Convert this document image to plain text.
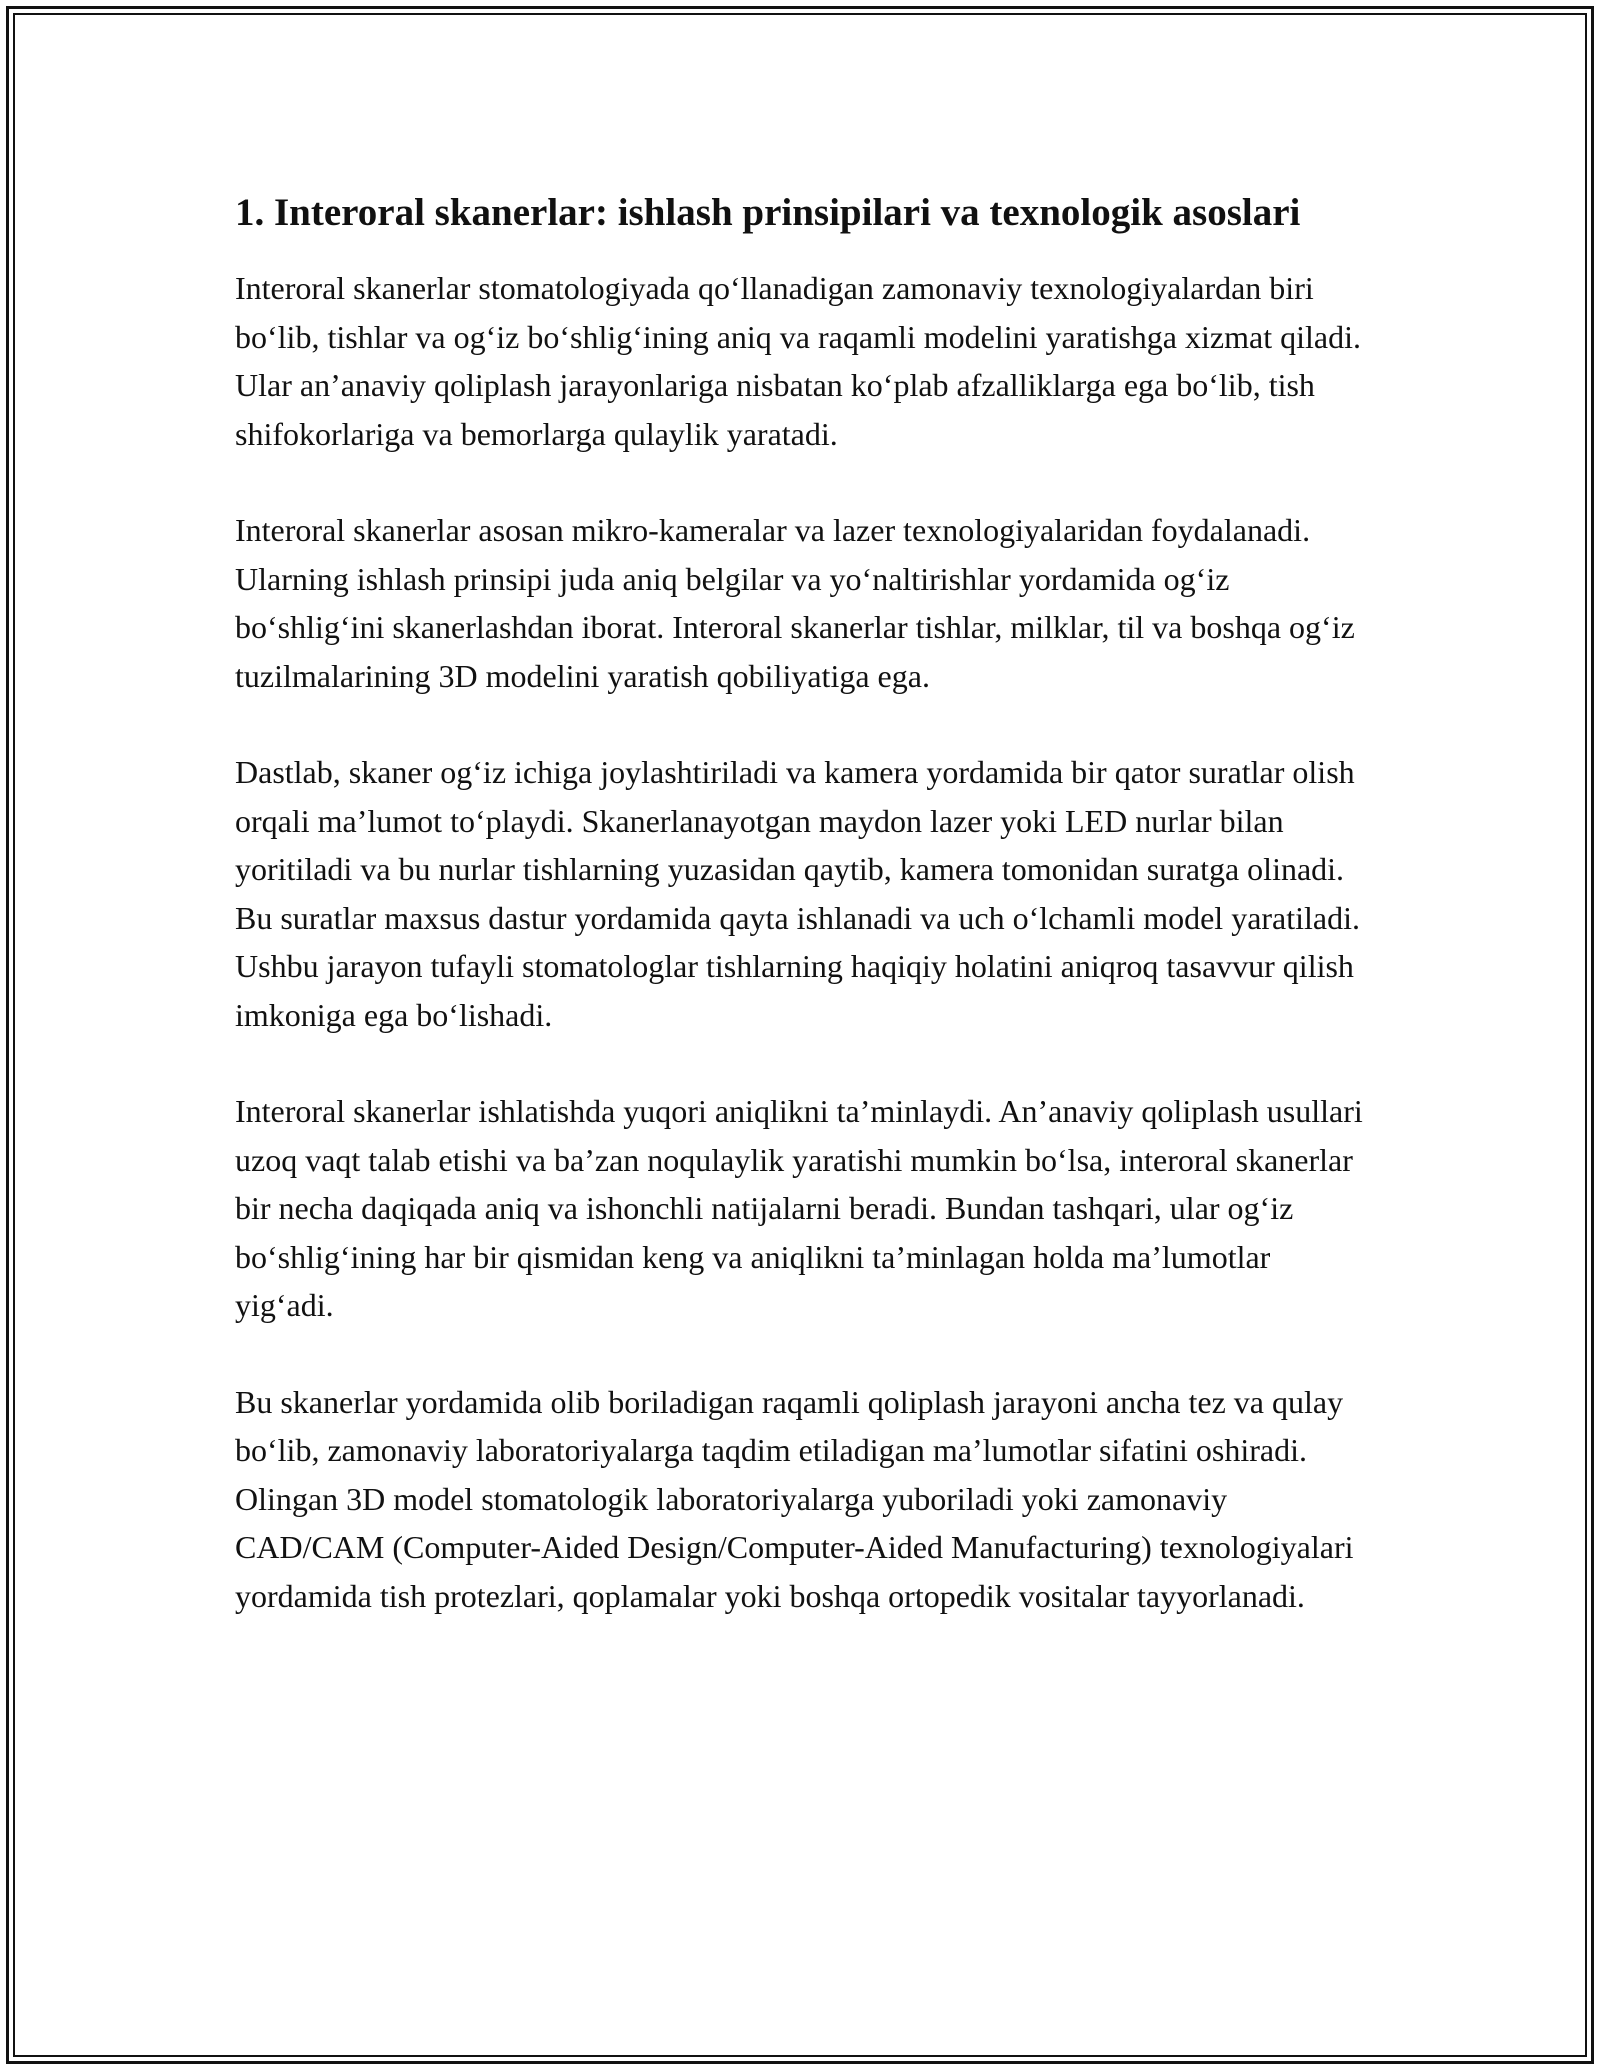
1. Interoral skanerlar: ishlash prinsipilari va texnologik asoslari

Interoral skanerlar stomatologiyada qo‘llanadigan zamonaviy texnologiyalardan biri bo‘lib, tishlar va og‘iz bo‘shlig‘ining aniq va raqamli modelini yaratishga xizmat qiladi. Ular an’anaviy qoliplash jarayonlariga nisbatan ko‘plab afzalliklarga ega bo‘lib, tish shifokorlariga va bemorlarga qulaylik yaratadi.

Interoral skanerlar asosan mikro-kameralar va lazer texnologiyalaridan foydalanadi. Ularning ishlash prinsipi juda aniq belgilar va yo‘naltirishlar yordamida og‘iz bo‘shlig‘ini skanerlashdan iborat. Interoral skanerlar tishlar, milklar, til va boshqa og‘iz tuzilmalarining 3D modelini yaratish qobiliyatiga ega.

Dastlab, skaner og‘iz ichiga joylashtiriladi va kamera yordamida bir qator suratlar olish orqali ma’lumot to‘playdi. Skanerlanayotgan maydon lazer yoki LED nurlar bilan yoritiladi va bu nurlar tishlarning yuzasidan qaytib, kamera tomonidan suratga olinadi. Bu suratlar maxsus dastur yordamida qayta ishlanadi va uch o‘lchamli model yaratiladi. Ushbu jarayon tufayli stomatologlar tishlarning haqiqiy holatini aniqroq tasavvur qilish imkoniga ega bo‘lishadi.

Interoral skanerlar ishlatishda yuqori aniqlikni ta’minlaydi. An’anaviy qoliplash usullari uzoq vaqt talab etishi va ba’zan noqulaylik yaratishi mumkin bo‘lsa, interoral skanerlar bir necha daqiqada aniq va ishonchli natijalarni beradi. Bundan tashqari, ular og‘iz bo‘shlig‘ining har bir qismidan keng va aniqlikni ta’minlagan holda ma’lumotlar yig‘adi.

Bu skanerlar yordamida olib boriladigan raqamli qoliplash jarayoni ancha tez va qulay bo‘lib, zamonaviy laboratoriyalarga taqdim etiladigan ma’lumotlar sifatini oshiradi. Olingan 3D model stomatologik laboratoriyalarga yuboriladi yoki zamonaviy CAD/CAM (Computer-Aided Design/Computer-Aided Manufacturing) texnologiyalari yordamida tish protezlari, qoplamalar yoki boshqa ortopedik vositalar tayyorlanadi.
